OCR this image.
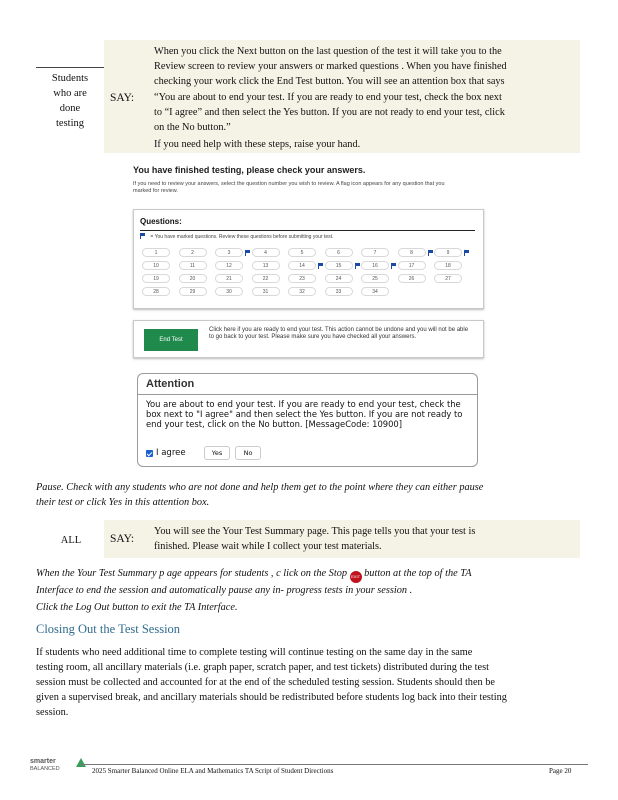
Students
who are
done
testing
SAY:

When you click the Next button on the last question of the test it will take you to the

Review screen to review your answers or marked questions . When you have finished

checking your work click the End Test button. You will see an attention box that says

“You are about to end your test. If you are ready to end your test, check the box next

to “I agree” and then select the Yes button. If you are not ready to end your test, click

on the No button.”

If you need help with these steps, raise your hand.

You have finished testing, please check your answers.
If you need to review your answers, select the question number you wish to review. A flag icon appears for any question that you marked for review.
Questions:
= You have marked questions. Review these questions before submitting your test.
1	2	3	4	5	6	7	8	9
10	11	12	13	14	15	16	17	18
19	20	21	22	23	24	25	26	27
28	29	30	31	32	33	34
End Test
Click here if you are ready to end your test. This action cannot be undone and you will not be able to go back to your test. Please make sure you have checked all your answers.
Attention
You are about to end your test. If you are ready to end your test, check the box next to "I agree" and then select the Yes button. If you are not ready to end your test, click on the No button. [MessageCode: 10900]
I agree	Yes	No
Pause. Check with any students who are not done and help them get to the point where they can either pause
their test or click Yes in this attention box.
ALL	SAY:
You will see the Your Test Summary page. This page tells you that your test is
finished. Please wait while I collect your test materials.
When the Your Test Summary p age appears for students , c lick on the Stop EXIT button at the top of the TA
Interface to end the session and automatically pause any in- progress tests in your session .
Click the Log Out button to exit the TA Interface.
Closing Out the Test Session
If students who need additional time to complete testing will continue testing on the same day in the same
testing room, all ancillary materials (i.e. graph paper, scratch paper, and test tickets) distributed during the test
session must be collected and accounted for at the end of the scheduled testing session. Students should then be
given a supervised break, and ancillary materials should be redistributed before students log back into their testing
session.
smarter
BALANCED	2025 Smarter Balanced Online ELA and Mathematics TA Script of Student Directions	Page 20
